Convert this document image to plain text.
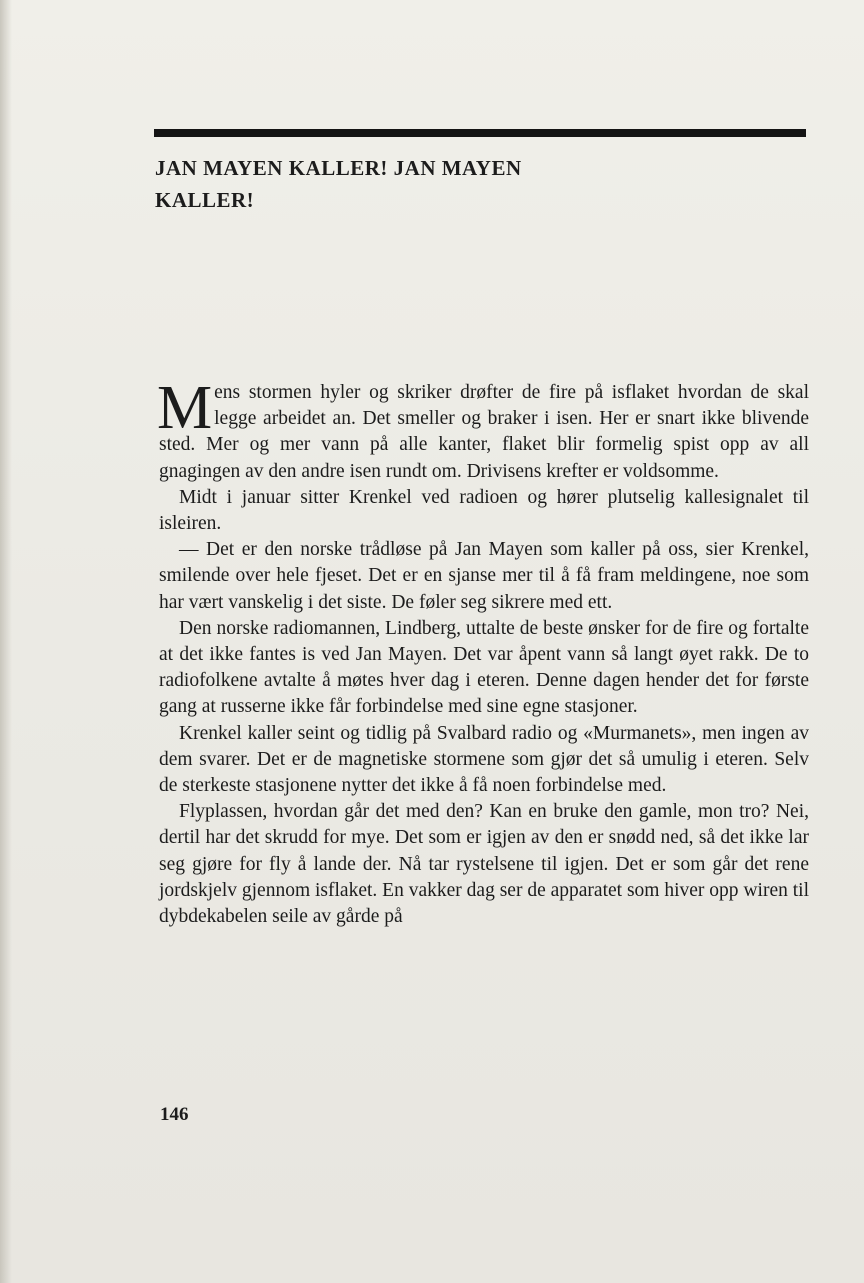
JAN MAYEN KALLER! JAN MAYEN KALLER!

Mens stormen hyler og skriker drøfter de fire på isflaket hvordan de skal legge arbeidet an. Det smeller og braker i isen. Her er snart ikke blivende sted. Mer og mer vann på alle kanter, flaket blir formelig spist opp av all gnagingen av den andre isen rundt om. Drivisens krefter er voldsomme.

Midt i januar sitter Krenkel ved radioen og hører plutselig kallesignalet til isleiren.

— Det er den norske trådløse på Jan Mayen som kaller på oss, sier Krenkel, smilende over hele fjeset. Det er en sjanse mer til å få fram meldingene, noe som har vært vanskelig i det siste. De føler seg sikrere med ett.

Den norske radiomannen, Lindberg, uttalte de beste ønsker for de fire og fortalte at det ikke fantes is ved Jan Mayen. Det var åpent vann så langt øyet rakk. De to radiofolkene avtalte å møtes hver dag i eteren. Denne dagen hender det for første gang at russerne ikke får forbindelse med sine egne stasjoner.

Krenkel kaller seint og tidlig på Svalbard radio og «Murmanets», men ingen av dem svarer. Det er de magnetiske stormene som gjør det så umulig i eteren. Selv de sterkeste stasjonene nytter det ikke å få noen forbindelse med.

Flyplassen, hvordan går det med den? Kan en bruke den gamle, mon tro? Nei, dertil har det skrudd for mye. Det som er igjen av den er snødd ned, så det ikke lar seg gjøre for fly å lande der. Nå tar rystelsene til igjen. Det er som går det rene jordskjelv gjennom isflaket. En vakker dag ser de apparatet som hiver opp wiren til dybdekabelen seile av gårde på

146
